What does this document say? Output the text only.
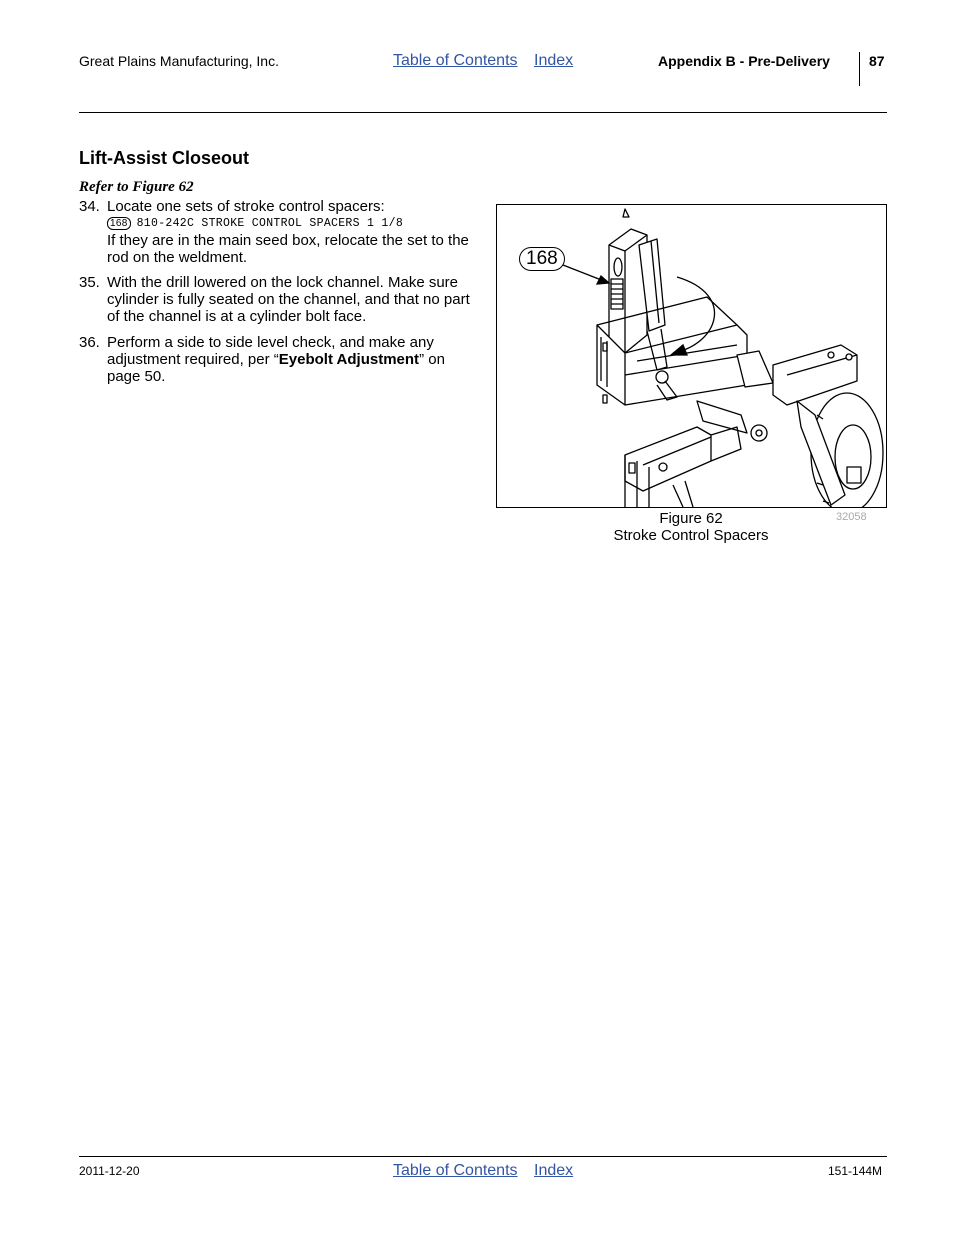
Great Plains Manufacturing, Inc.	Table of Contents Index	Appendix B - Pre-Delivery	87
Lift-Assist Closeout
Refer to Figure 62
34. Locate one sets of stroke control spacers:
168 810-242C STROKE CONTROL SPACERS 1 1/8
If they are in the main seed box, relocate the set to the rod on the weldment.
35. With the drill lowered on the lock channel. Make sure cylinder is fully seated on the channel, and that no part of the channel is at a cylinder bolt face.
36. Perform a side to side level check, and make any adjustment required, per “Eyebolt Adjustment” on page 50.
168
Figure 62
Stroke Control Spacers
32058
2011-12-20	Table of Contents Index	151-144M
